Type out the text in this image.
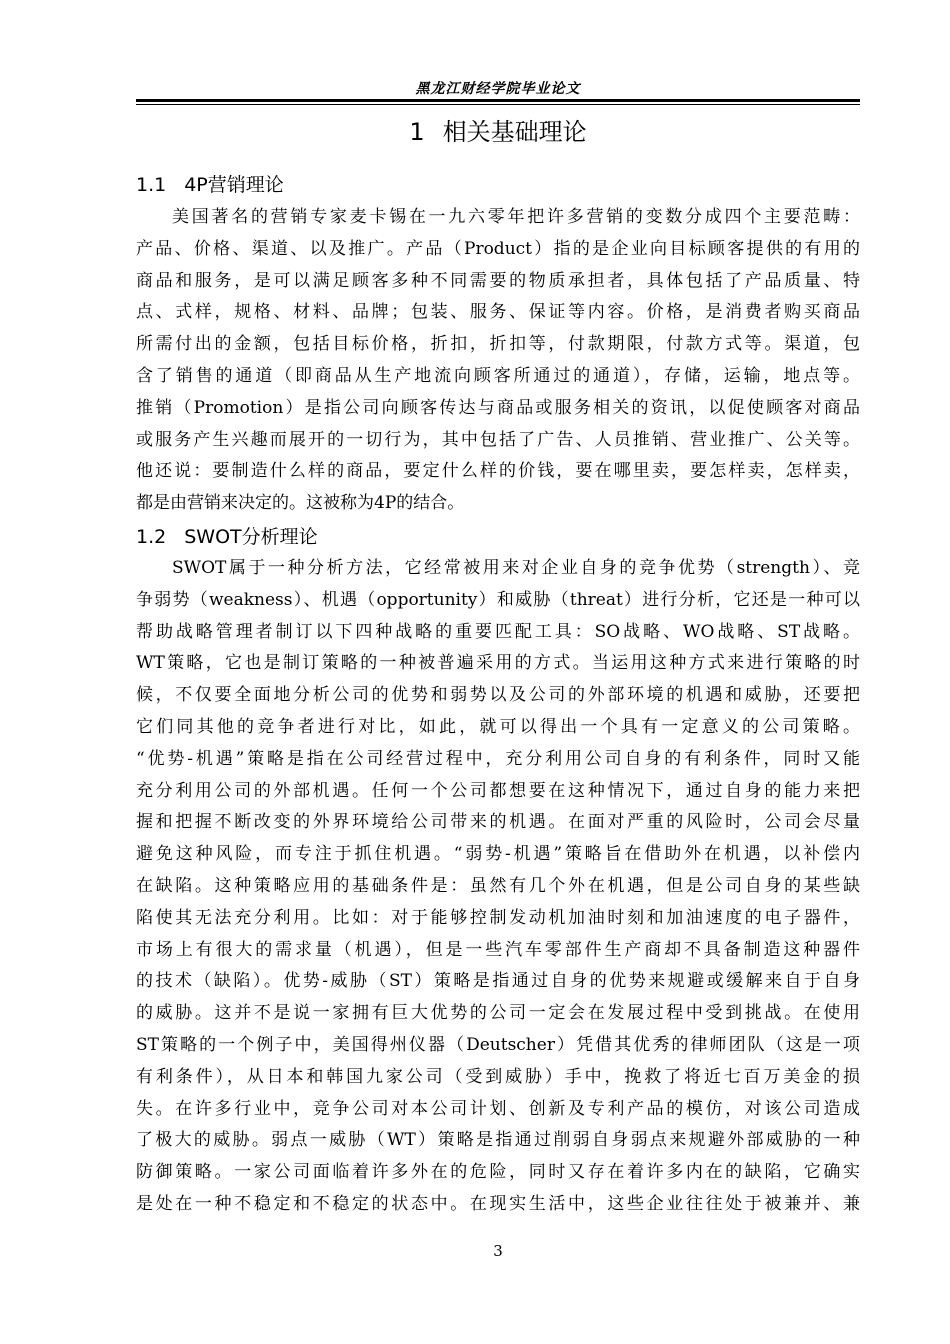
黑龙江财经学院毕业论文
1 相关基础理论
1.1 4P营销理论
美国著名的营销专家麦卡锡在一九六零年把许多营销的变数分成四个主要范畴：
产品、价格、渠道、以及推广。产品（Product）指的是企业向目标顾客提供的有用的
商品和服务，是可以满足顾客多种不同需要的物质承担者，具体包括了产品质量、特
点、式样，规格、材料、品牌；包装、服务、保证等内容。价格，是消费者购买商品
所需付出的金额，包括目标价格，折扣，折扣等，付款期限，付款方式等。渠道，包
含了销售的通道（即商品从生产地流向顾客所通过的通道），存储，运输，地点等。
推销（Promotion）是指公司向顾客传达与商品或服务相关的资讯，以促使顾客对商品
或服务产生兴趣而展开的一切行为，其中包括了广告、人员推销、营业推广、公关等。
他还说：要制造什么样的商品，要定什么样的价钱，要在哪里卖，要怎样卖，怎样卖，
都是由营销来决定的。这被称为4P的结合。
1.2 SWOT分析理论
SWOT属于一种分析方法，它经常被用来对企业自身的竞争优势（strength）、竞
争弱势（weakness）、机遇（opportunity）和威胁（threat）进行分析，它还是一种可以
帮助战略管理者制订以下四种战略的重要匹配工具：SO战略、WO战略、ST战略。
WT策略，它也是制订策略的一种被普遍采用的方式。当运用这种方式来进行策略的时
候，不仅要全面地分析公司的优势和弱势以及公司的外部环境的机遇和威胁，还要把
它们同其他的竞争者进行对比，如此，就可以得出一个具有一定意义的公司策略。
“优势-机遇”策略是指在公司经营过程中，充分利用公司自身的有利条件，同时又能
充分利用公司的外部机遇。任何一个公司都想要在这种情况下，通过自身的能力来把
握和把握不断改变的外界环境给公司带来的机遇。在面对严重的风险时，公司会尽量
避免这种风险，而专注于抓住机遇。“弱势-机遇”策略旨在借助外在机遇，以补偿内
在缺陷。这种策略应用的基础条件是：虽然有几个外在机遇，但是公司自身的某些缺
陷使其无法充分利用。比如：对于能够控制发动机加油时刻和加油速度的电子器件，
市场上有很大的需求量（机遇），但是一些汽车零部件生产商却不具备制造这种器件
的技术（缺陷）。优势-威胁（ST）策略是指通过自身的优势来规避或缓解来自于自身
的威胁。这并不是说一家拥有巨大优势的公司一定会在发展过程中受到挑战。在使用
ST策略的一个例子中，美国得州仪器（Deutscher）凭借其优秀的律师团队（这是一项
有利条件），从日本和韩国九家公司（受到威胁）手中，挽救了将近七百万美金的损
失。在许多行业中，竞争公司对本公司计划、创新及专利产品的模仿，对该公司造成
了极大的威胁。弱点一威胁（WT）策略是指通过削弱自身弱点来规避外部威胁的一种
防御策略。一家公司面临着许多外在的危险，同时又存在着许多内在的缺陷，它确实
是处在一种不稳定和不稳定的状态中。在现实生活中，这些企业往往处于被兼并、兼
3
